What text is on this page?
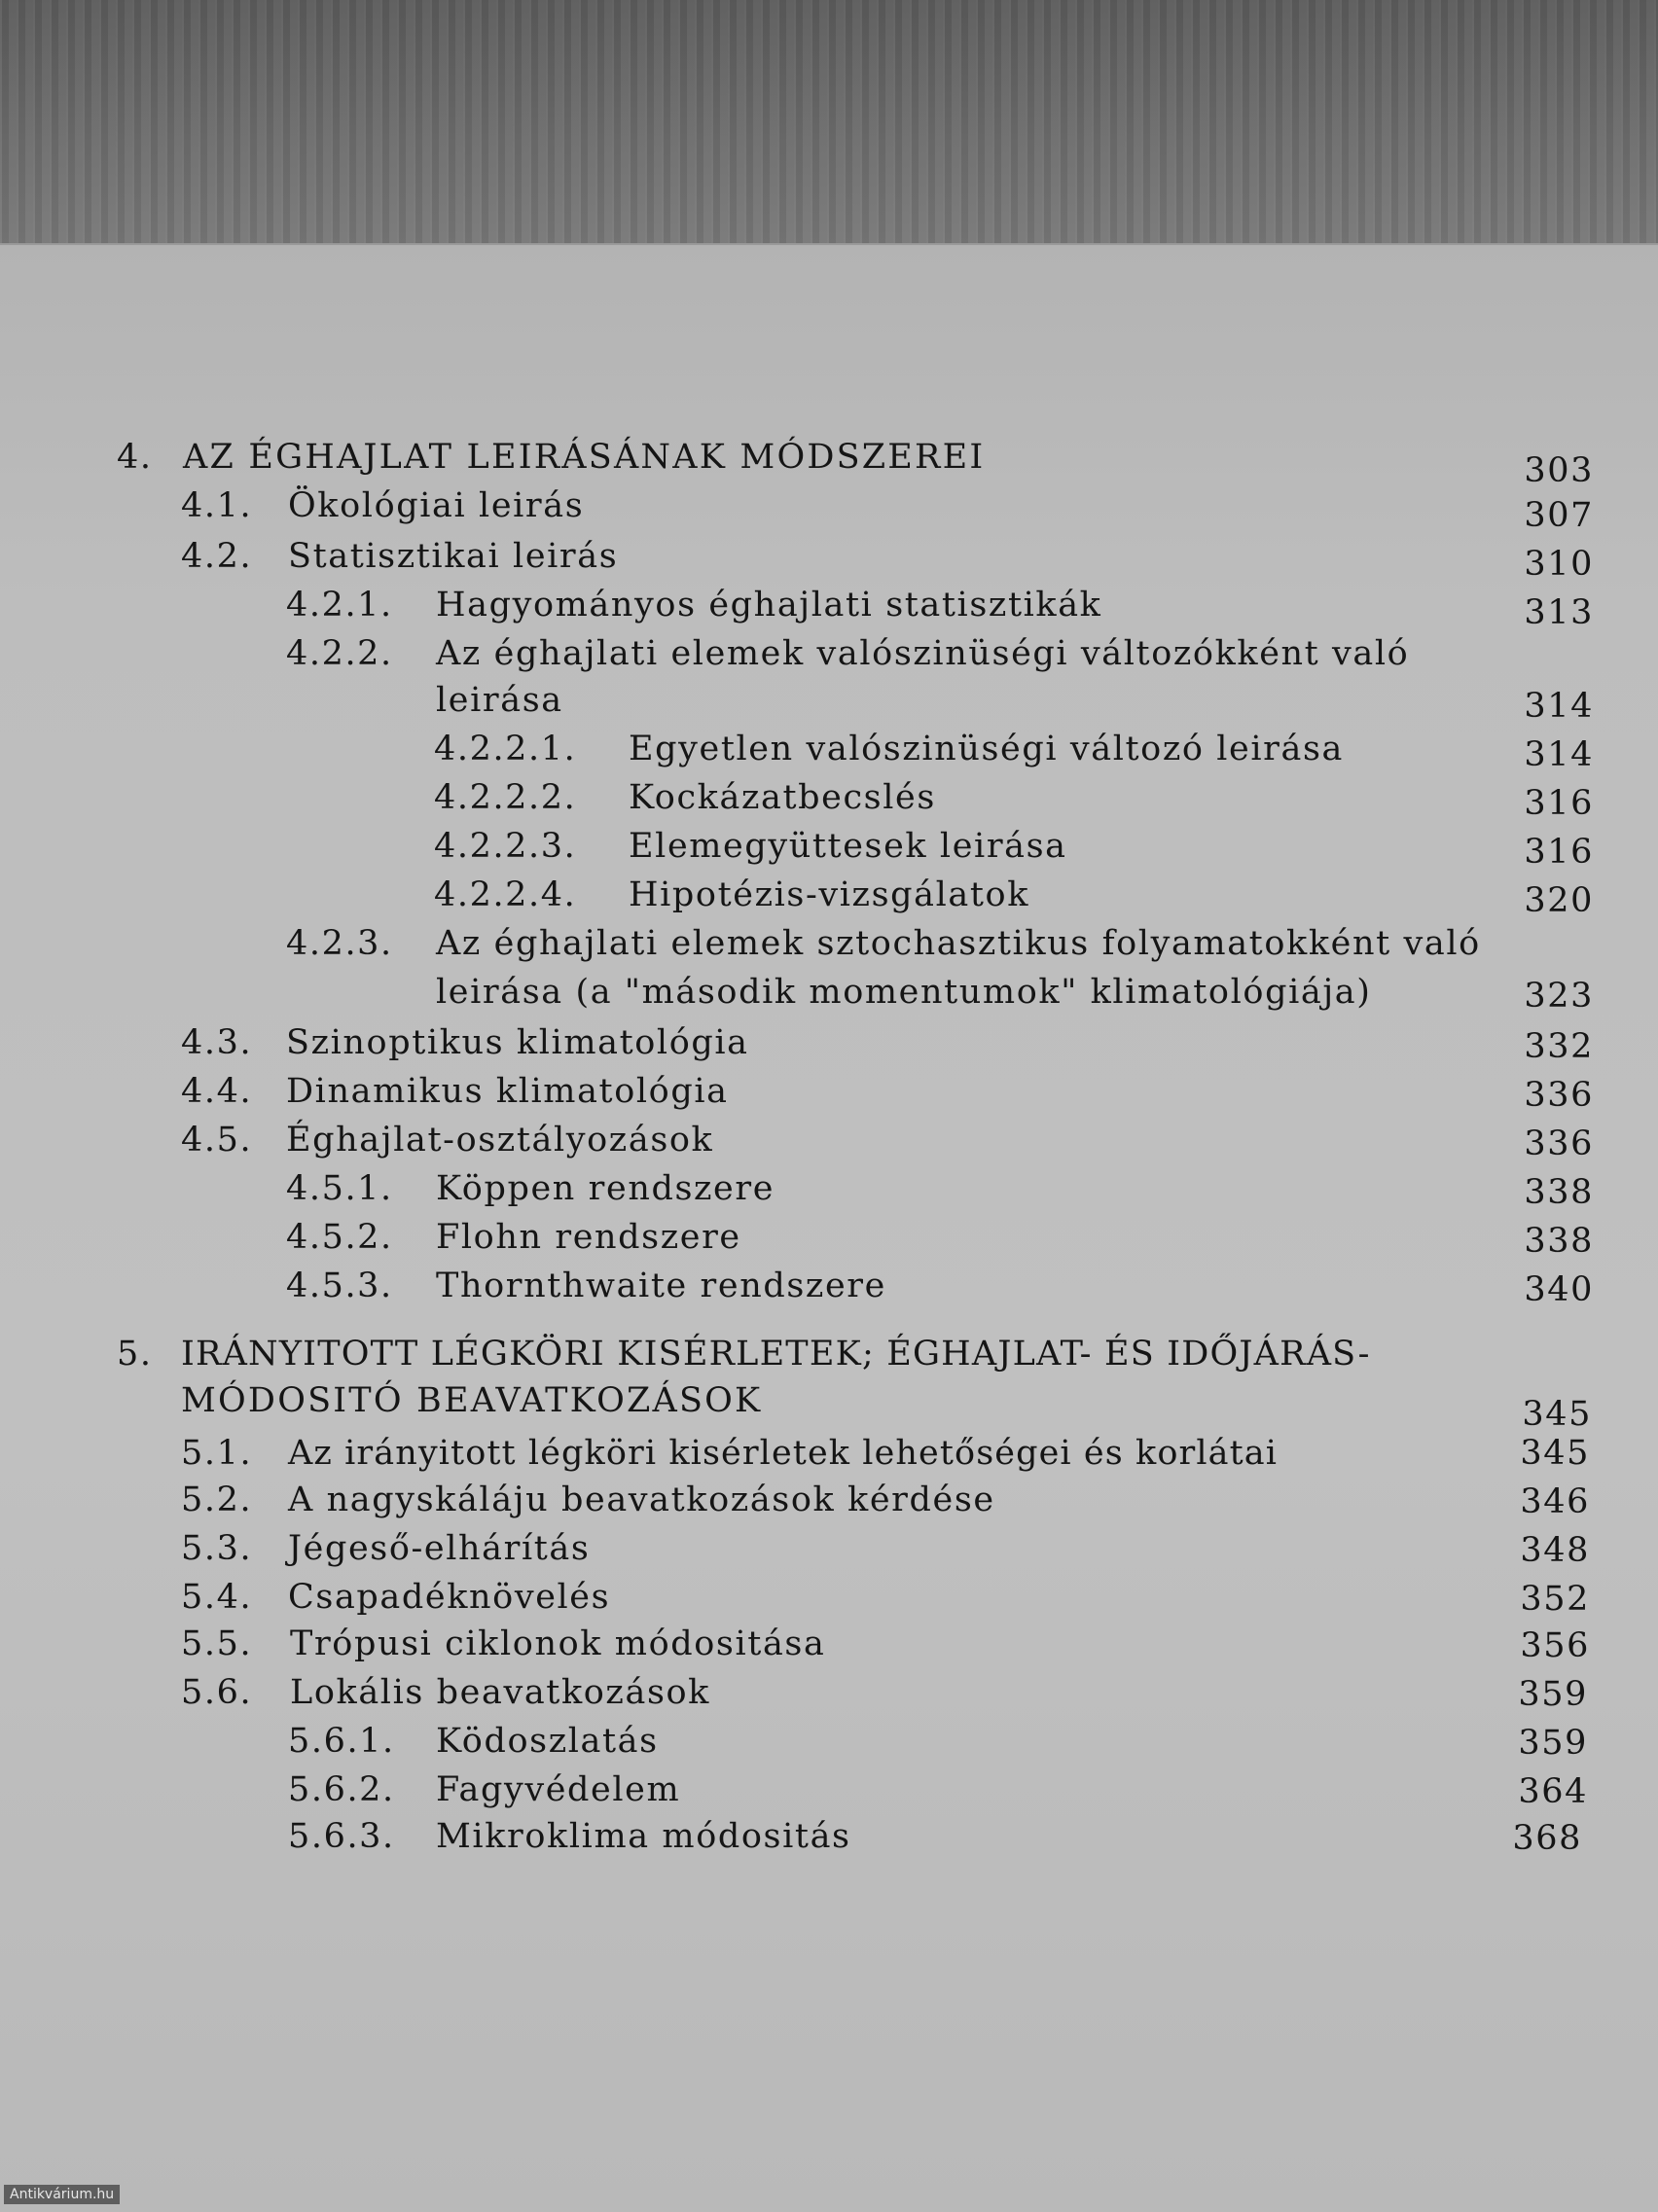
4. AZ ÉGHAJLAT LEIRÁSÁNAK MÓDSZEREI	303
4.1. Ökológiai leirás	307
4.2. Statisztikai leirás	310
4.2.1. Hagyományos éghajlati statisztikák	313
4.2.2. Az éghajlati elemek valószinüségi változókként való
leirása	314
4.2.2.1. Egyetlen valószinüségi változó leirása	314
4.2.2.2. Kockázatbecslés	316
4.2.2.3. Elemegyüttesek leirása	316
4.2.2.4. Hipotézis-vizsgálatok	320
4.2.3. Az éghajlati elemek sztochasztikus folyamatokként való
leirása (a "második momentumok" klimatológiája)	323
4.3. Szinoptikus klimatológia	332
4.4. Dinamikus klimatológia	336
4.5. Éghajlat-osztályozások	336
4.5.1. Köppen rendszere	338
4.5.2. Flohn rendszere	338
4.5.3. Thornthwaite rendszere	340
5. IRÁNYITOTT LÉGKÖRI KISÉRLETEK; ÉGHAJLAT- ÉS IDŐJÁRÁS-
MÓDOSITÓ BEAVATKOZÁSOK	345
5.1. Az irányitott légköri kisérletek lehetőségei és korlátai	345
5.2. A nagyskáláju beavatkozások kérdése	346
5.3. Jégeső-elhárítás	348
5.4. Csapadéknövelés	352
5.5. Trópusi ciklonok módositása	356
5.6. Lokális beavatkozások	359
5.6.1. Ködoszlatás	359
5.6.2. Fagyvédelem	364
5.6.3. Mikroklima módositás	368
Antikvárium.hu
